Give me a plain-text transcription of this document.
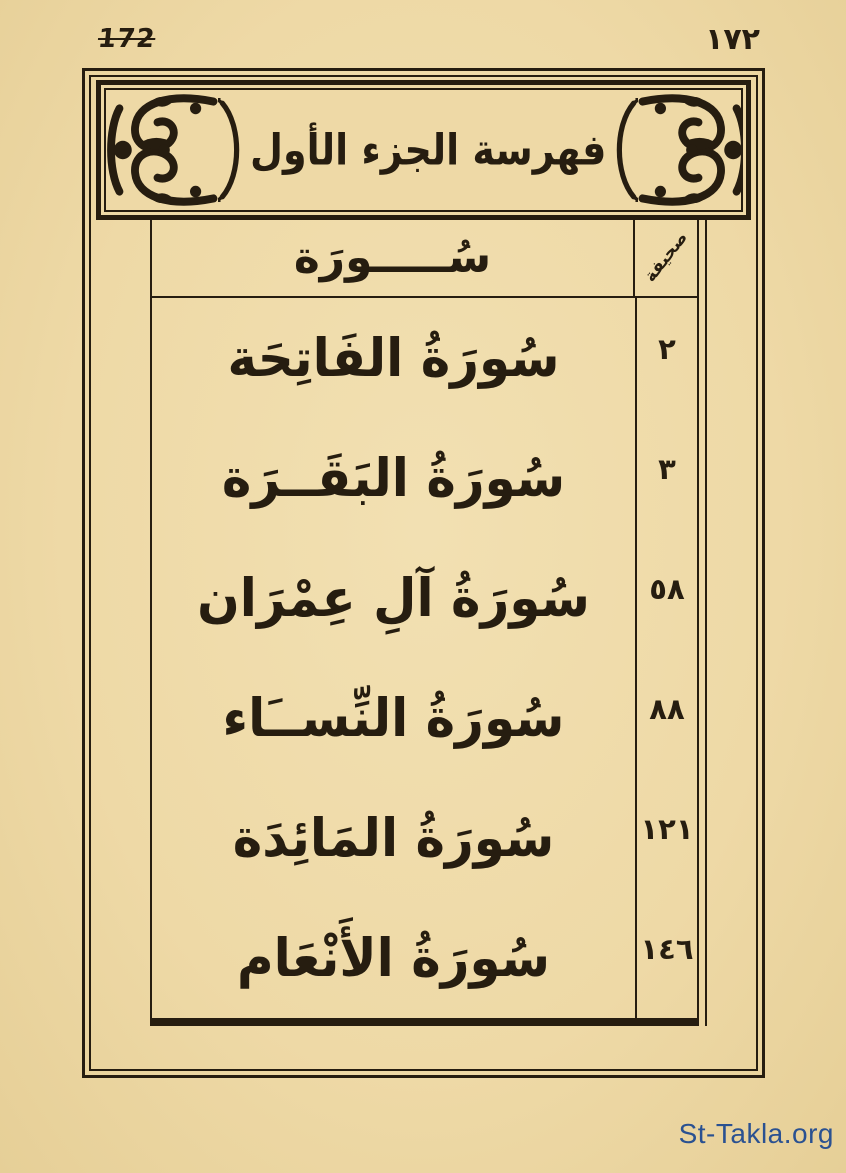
172	١٧٢
فهرسة الجزء الأول
سُـــــورَة	صحيفة
سُورَةُ الفَاتِحَة	٢
سُورَةُ البَقَــرَة	٣
سُورَةُ آلِ عِمْرَان	٥٨
سُورَةُ النِّســَاء	٨٨
سُورَةُ المَائِدَة	١٢١
سُورَةُ الأَنْعَام	١٤٦
St-Takla.org
